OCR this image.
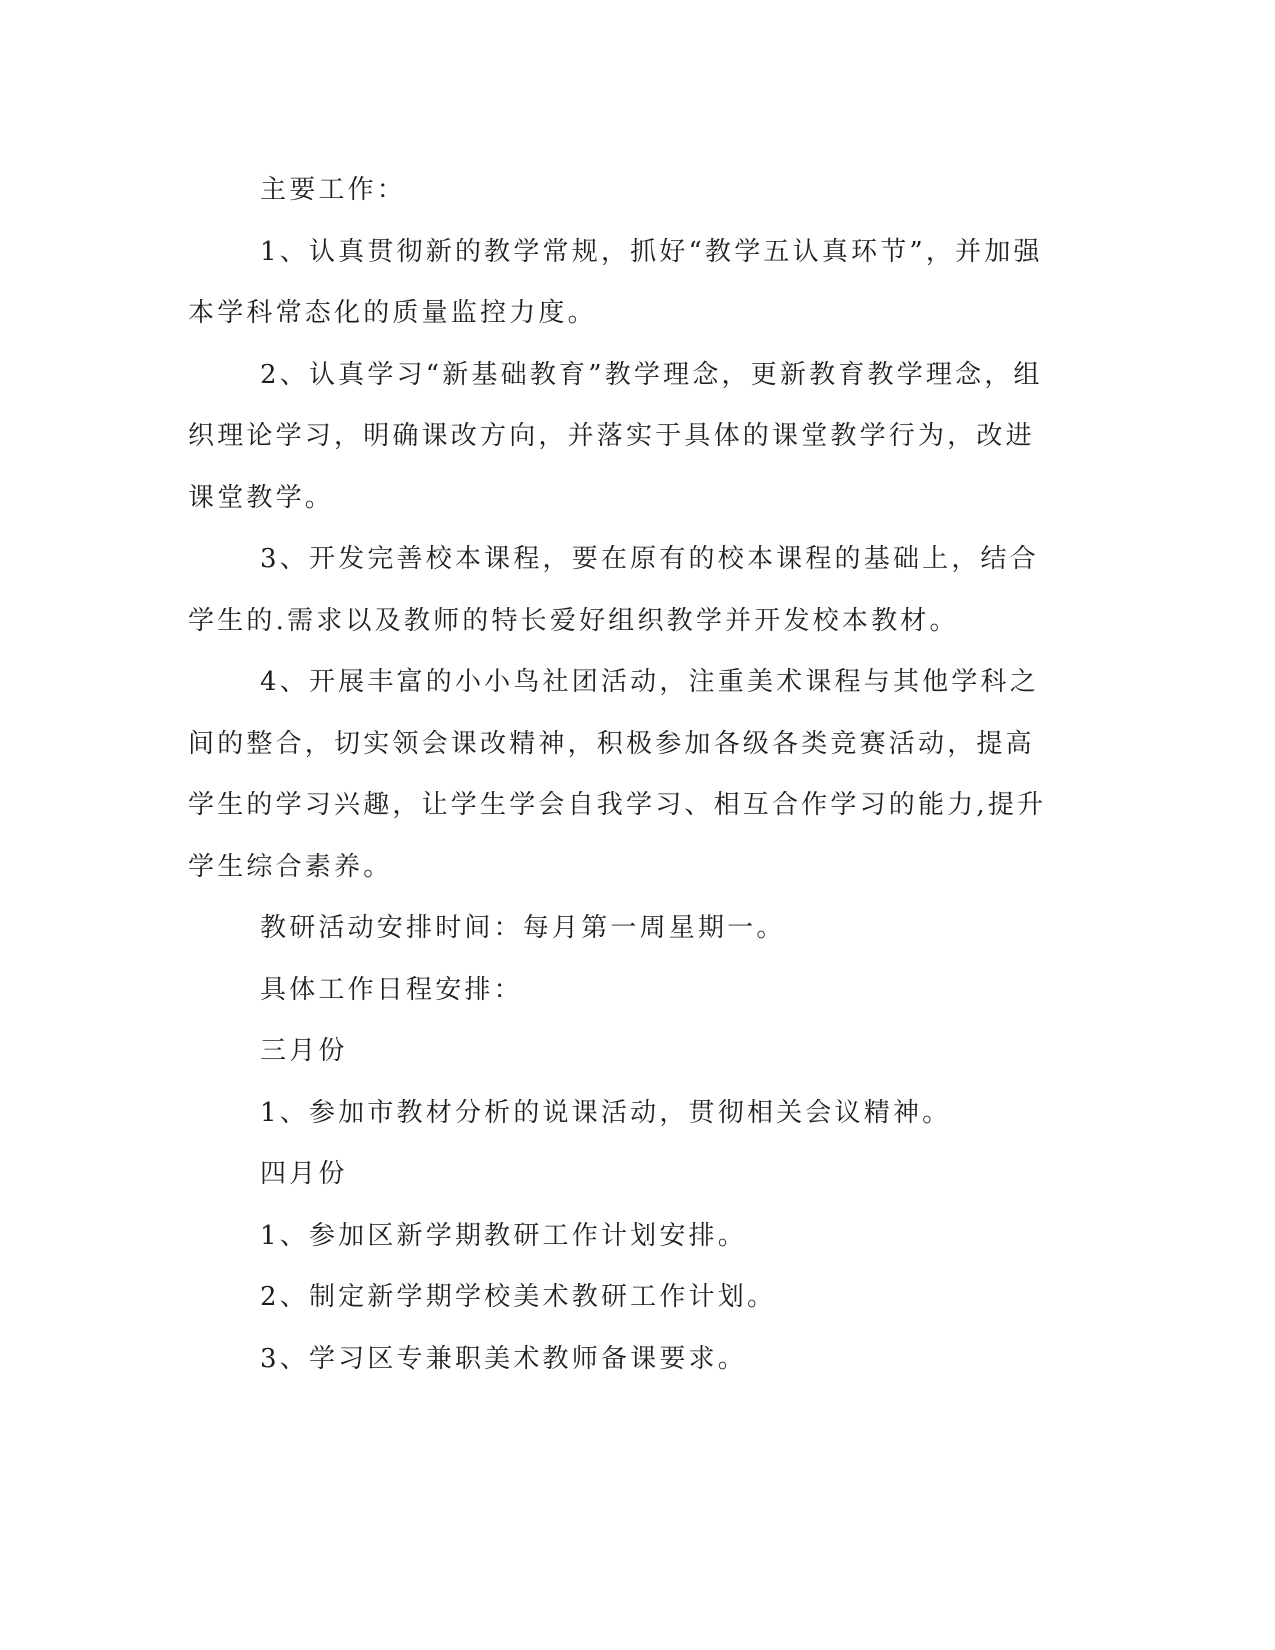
主要工作：

1、认真贯彻新的教学常规，抓好“教学五认真环节”，并加强本学科常态化的质量监控力度。

2、认真学习“新基础教育”教学理念，更新教育教学理念，组织理论学习，明确课改方向，并落实于具体的课堂教学行为，改进课堂教学。

3、开发完善校本课程，要在原有的校本课程的基础上，结合学生的.需求以及教师的特长爱好组织教学并开发校本教材。

4、开展丰富的小小鸟社团活动，注重美术课程与其他学科之间的整合，切实领会课改精神，积极参加各级各类竞赛活动，提高学生的学习兴趣，让学生学会自我学习、相互合作学习的能力,提升学生综合素养。

教研活动安排时间：每月第一周星期一。

具体工作日程安排：

三月份

1、参加市教材分析的说课活动，贯彻相关会议精神。

四月份

1、参加区新学期教研工作计划安排。

2、制定新学期学校美术教研工作计划。

3、学习区专兼职美术教师备课要求。
